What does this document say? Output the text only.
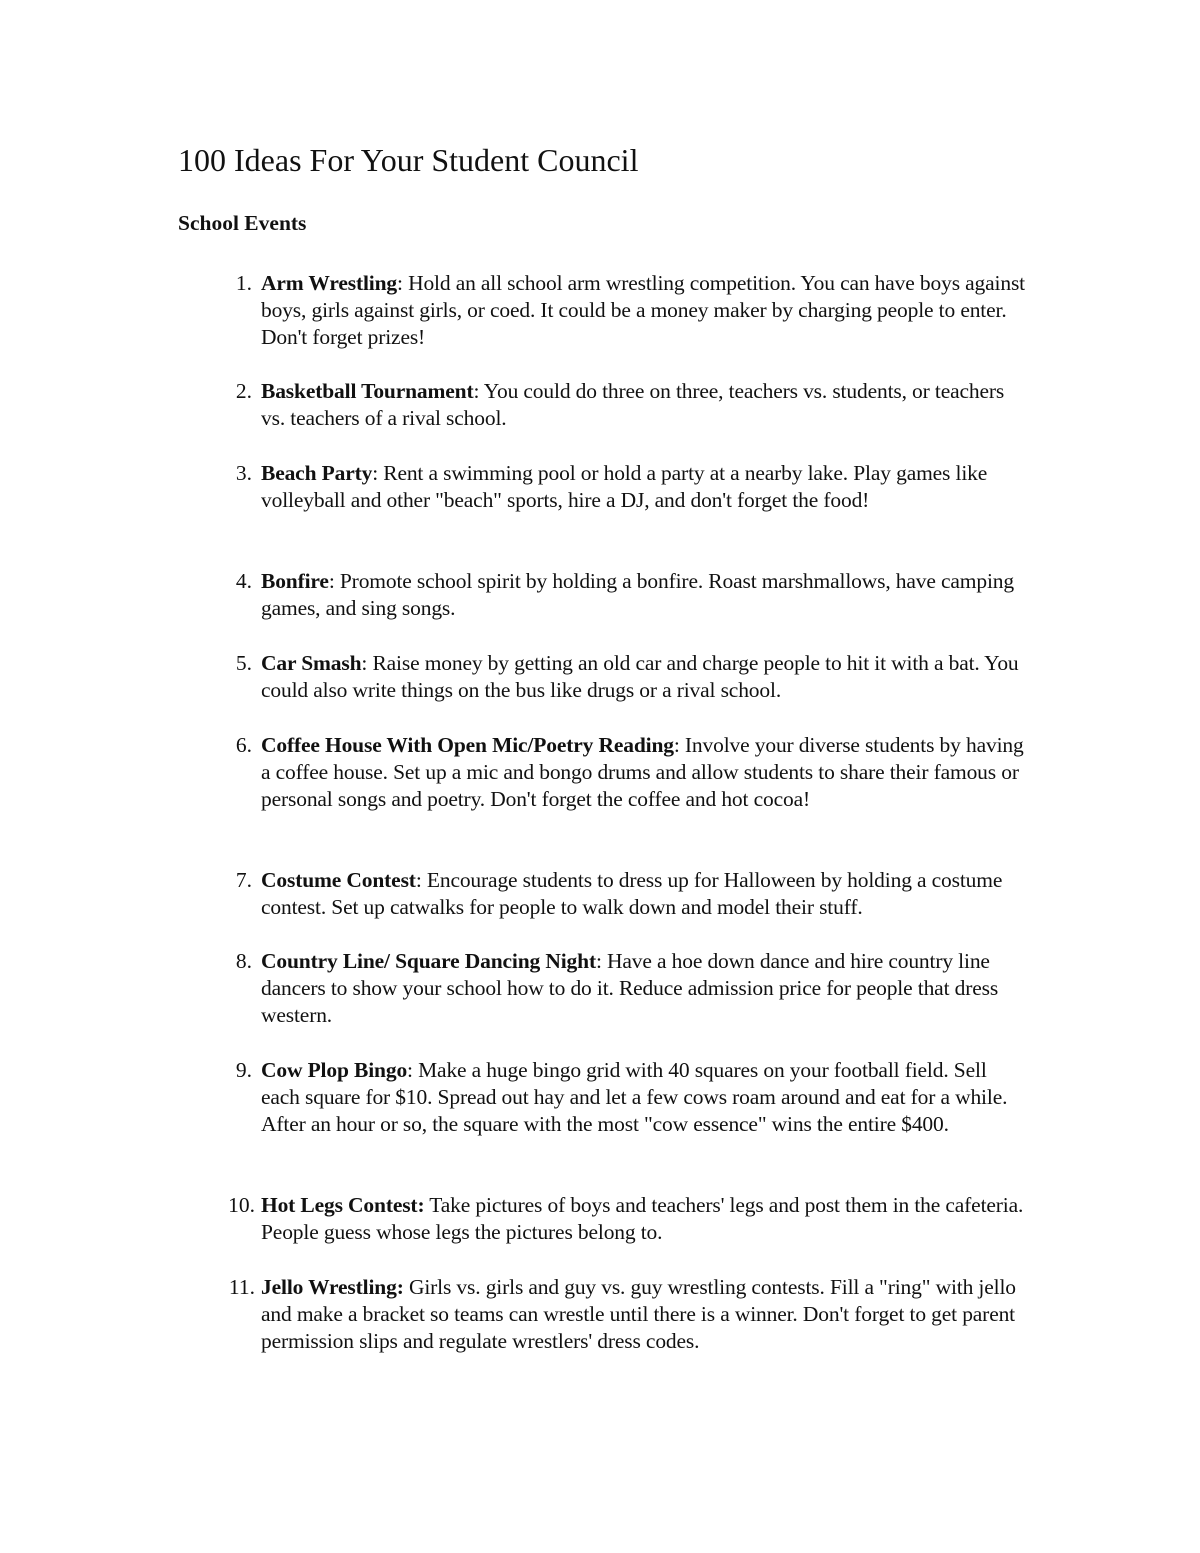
100 Ideas For Your Student Council
School Events
1. Arm Wrestling: Hold an all school arm wrestling competition. You can have boys against boys, girls against girls, or coed. It could be a money maker by charging people to enter. Don't forget prizes!
2. Basketball Tournament: You could do three on three, teachers vs. students, or teachers vs. teachers of a rival school.
3. Beach Party: Rent a swimming pool or hold a party at a nearby lake. Play games like volleyball and other "beach" sports, hire a DJ, and don't forget the food!
4. Bonfire: Promote school spirit by holding a bonfire. Roast marshmallows, have camping games, and sing songs.
5. Car Smash: Raise money by getting an old car and charge people to hit it with a bat. You could also write things on the bus like drugs or a rival school.
6. Coffee House With Open Mic/Poetry Reading: Involve your diverse students by having a coffee house. Set up a mic and bongo drums and allow students to share their famous or personal songs and poetry. Don't forget the coffee and hot cocoa!
7. Costume Contest: Encourage students to dress up for Halloween by holding a costume contest. Set up catwalks for people to walk down and model their stuff.
8. Country Line/ Square Dancing Night: Have a hoe down dance and hire country line dancers to show your school how to do it. Reduce admission price for people that dress western.
9. Cow Plop Bingo: Make a huge bingo grid with 40 squares on your football field. Sell each square for $10. Spread out hay and let a few cows roam around and eat for a while. After an hour or so, the square with the most "cow essence" wins the entire $400.
10. Hot Legs Contest: Take pictures of boys and teachers' legs and post them in the cafeteria. People guess whose legs the pictures belong to.
11. Jello Wrestling: Girls vs. girls and guy vs. guy wrestling contests. Fill a "ring" with jello and make a bracket so teams can wrestle until there is a winner. Don't forget to get parent permission slips and regulate wrestlers' dress codes.
